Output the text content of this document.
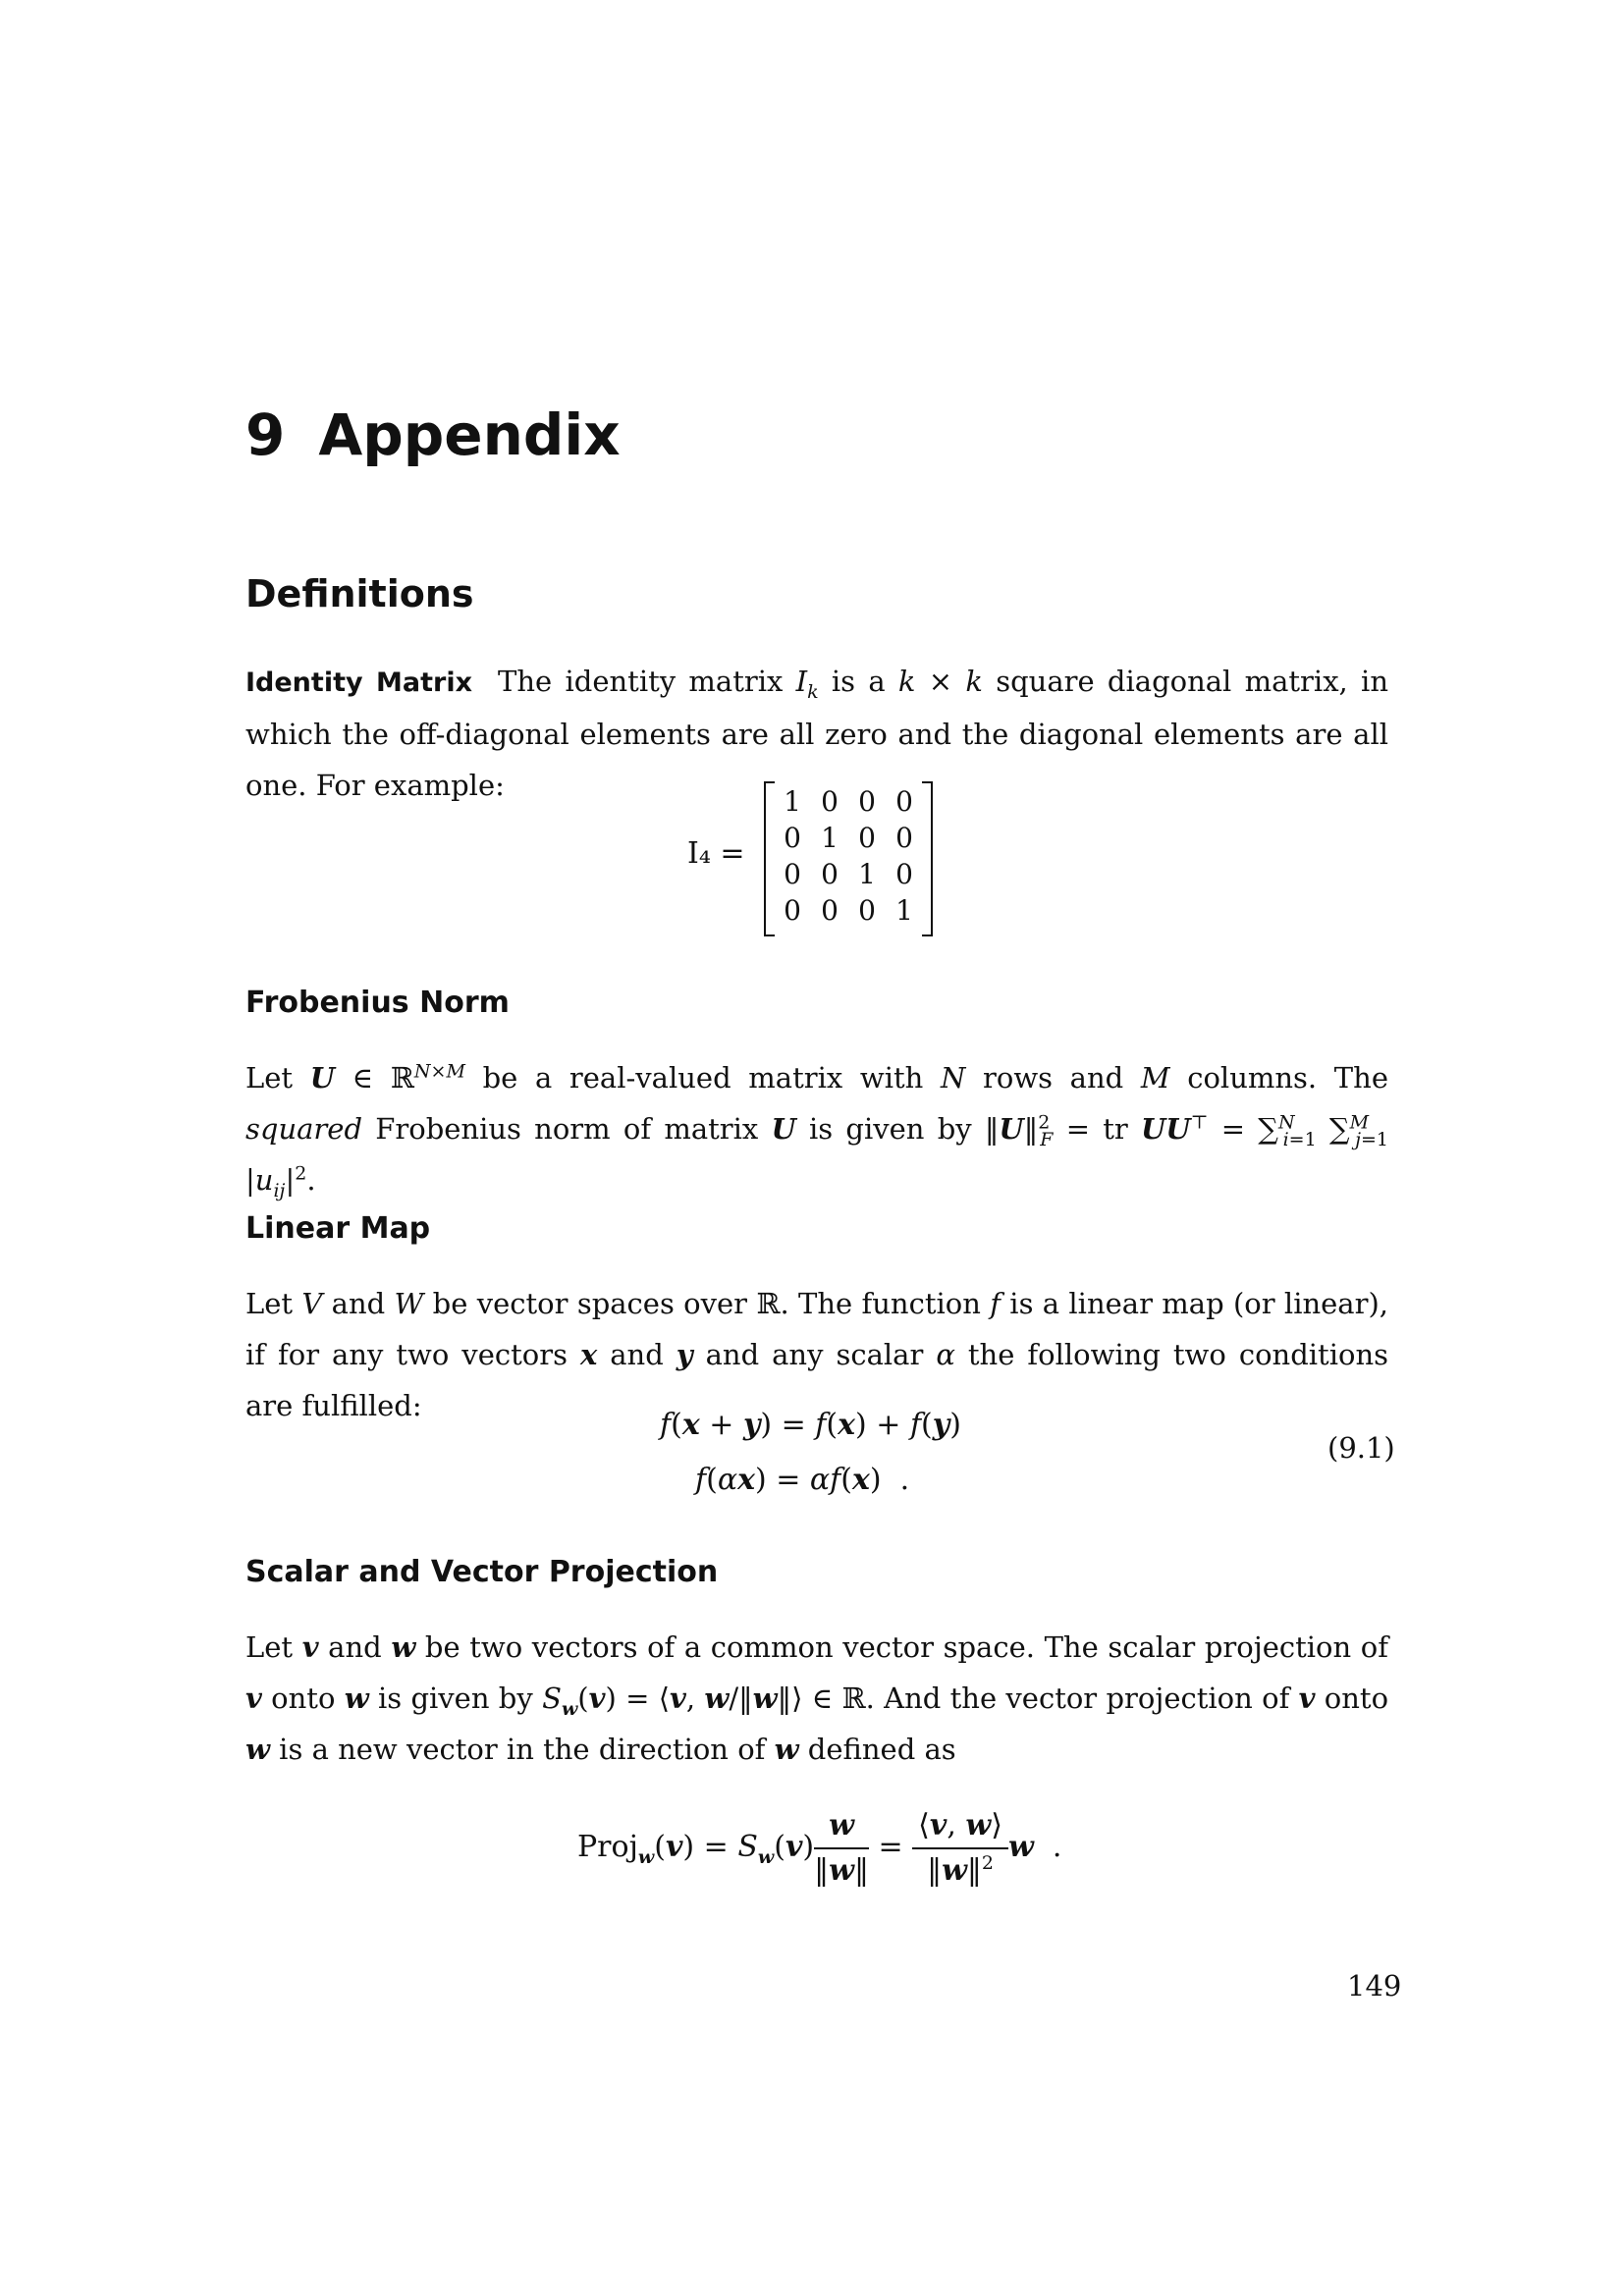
9 Appendix
Definitions
Identity Matrix The identity matrix $I_k$ is a k × k square diagonal matrix, in which the off-diagonal elements are all zero and the diagonal elements are all one. For example:
I₄ =
1	0	0	0
0	1	0	0
0	0	1	0
0	0	0	1
Frobenius Norm
Let U ∈ ℝ$^{N\times M}$ be a real-valued matrix with N rows and M columns. The squared Frobenius norm of matrix U is given by ‖U‖$^2_F$ = tr UU⊤ = ∑$^N_{i=1}$ ∑$^M_{j=1}$ $|u_{ij}|^2$.
Linear Map
Let V and W be vector spaces over ℝ. The function f is a linear map (or linear), if for any two vectors x and y and any scalar α the following two conditions are fulfilled:
f(x + y) = f(x) + f(y)
f(αx) = αf(x)  .
(9.1)
Scalar and Vector Projection
Let v and w be two vectors of a common vector space. The scalar projection of v onto w is given by $S_w(v)$ = ⟨v, w/‖w‖⟩ ∈ ℝ. And the vector projection of v onto w is a new vector in the direction of w defined as
Proj$_w$(v) = $S_w(v) \frac{w}{‖w‖} = \frac{⟨v, w⟩}{‖w‖^2}$ w  .
149
